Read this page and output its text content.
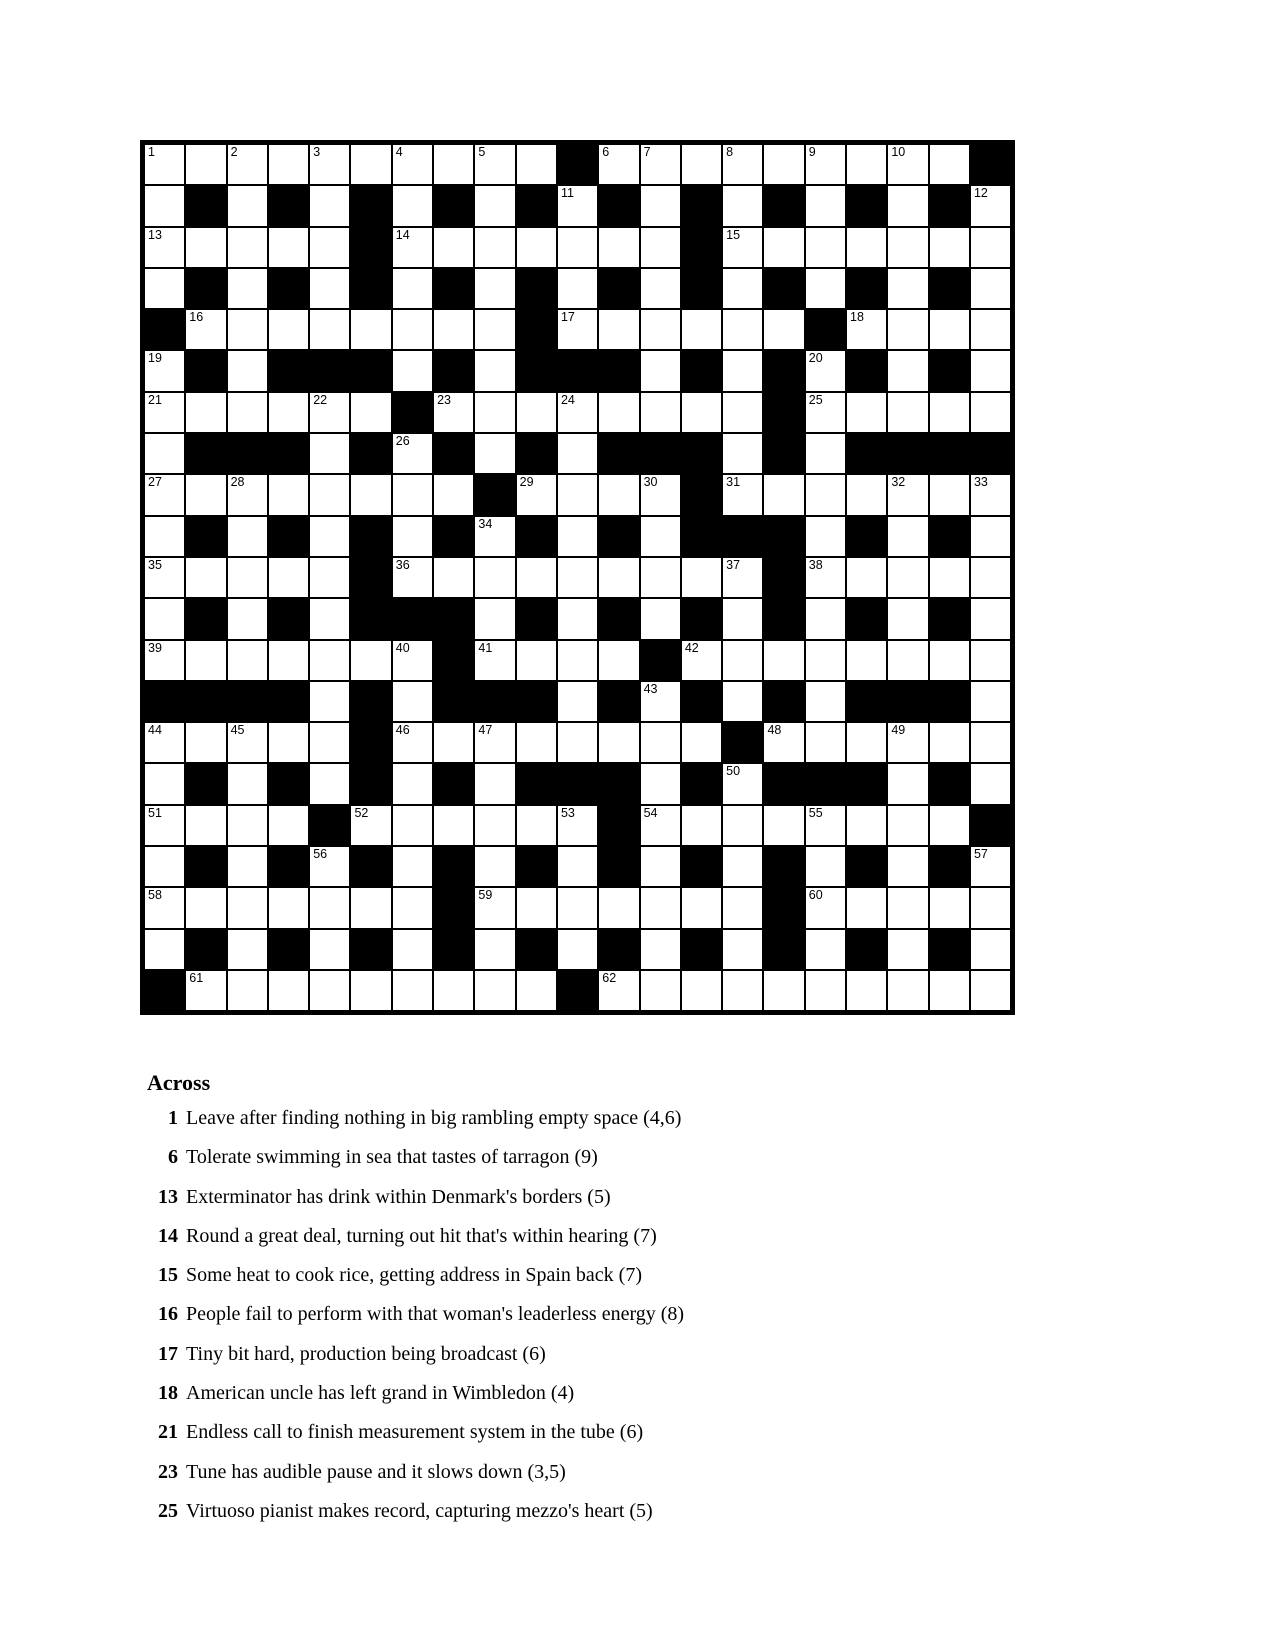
1	2	3	4	5	6	7	8	9	10
11	12
13	14	15
16	17	18
19	20
21	22	23	24	25
26
27	28	29	30	31	32	33
34
35	36	37	38
39	40	41	42
43
44	45	46	47	48	49
50
51	52	53	54	55
56	57
58	59	60
61	62
Across
1 Leave after finding nothing in big rambling empty space (4,6)
6 Tolerate swimming in sea that tastes of tarragon (9)
13 Exterminator has drink within Denmark's borders (5)
14 Round a great deal, turning out hit that's within hearing (7)
15 Some heat to cook rice, getting address in Spain back (7)
16 People fail to perform with that woman's leaderless energy (8)
17 Tiny bit hard, production being broadcast (6)
18 American uncle has left grand in Wimbledon (4)
21 Endless call to finish measurement system in the tube (6)
23 Tune has audible pause and it slows down (3,5)
25 Virtuoso pianist makes record, capturing mezzo's heart (5)
